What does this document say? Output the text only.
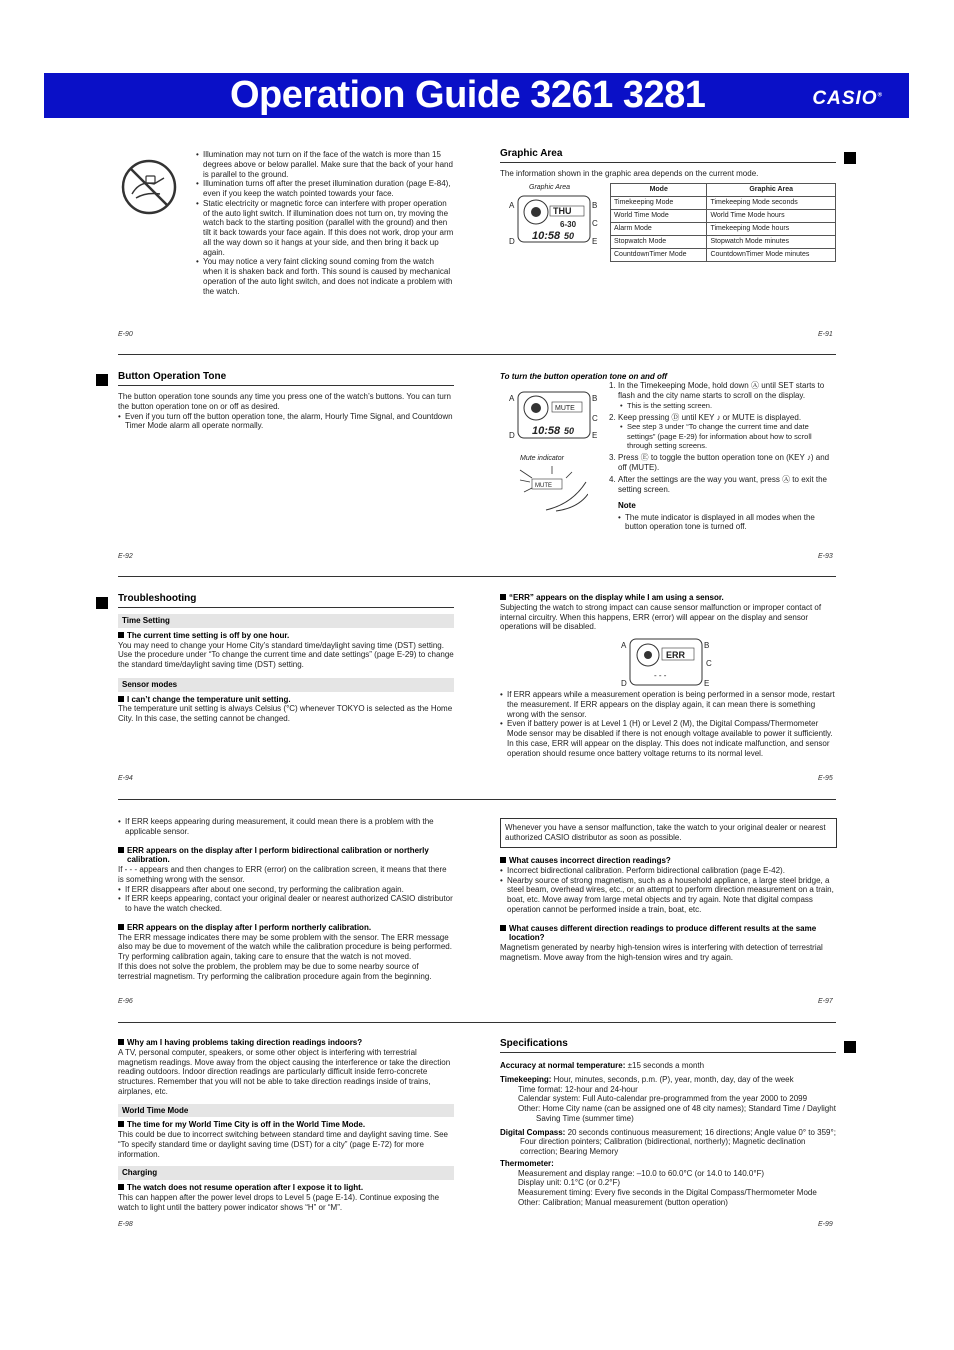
Operation Guide 3261 3281	CASIO®
• Illumination may not turn on if the face of the watch is more than 15 degrees above or below parallel. Make sure that the back of your hand is parallel to the ground.
• Illumination turns off after the preset illumination duration (page E-84), even if you keep the watch pointed towards your face.
• Static electricity or magnetic force can interfere with proper operation of the auto light switch. If illumination does not turn on, try moving the watch back to the starting position (parallel with the ground) and then tilt it back towards your face again. If this does not work, drop your arm all the way down so it hangs at your side, and then bring it back up again.
• You may notice a very faint clicking sound coming from the watch when it is shaken back and forth. This sound is caused by mechanical operation of the auto light switch, and does not indicate a problem with the watch.
E-90
Graphic Area

The information shown in the graphic area depends on the current mode.

Graphic Area
THU
6-30
10:58 50
A
D
B
C
E
Mode	Graphic Area
Timekeeping Mode	Timekeeping Mode seconds
World Time Mode	World Time Mode hours
Alarm Mode	Timekeeping Mode hours
Stopwatch Mode	Stopwatch Mode minutes
CountdownTimer Mode	CountdownTimer Mode minutes
E-91
Button Operation Tone

The button operation tone sounds any time you press one of the watch’s buttons. You can turn the button operation tone on or off as desired.

• Even if you turn off the button operation tone, the alarm, Hourly Time Signal, and Countdown Timer Mode alarm all operate normally.
E-92
To turn the button operation tone on and off
MUTE
10:58 50
A
D
B
C
E
Mute indicator
MUTE
1. In the Timekeeping Mode, hold down Ⓐ until SET starts to flash and the city name starts to scroll on the display.
• This is the setting screen.
2. Keep pressing Ⓓ until KEY ♪ or MUTE is displayed.
• See step 3 under “To change the current time and date settings” (page E-29) for information about how to scroll through setting screens.
3. Press Ⓔ to toggle the button operation tone on (KEY ♪) and off (MUTE).
4. After the settings are the way you want, press Ⓐ to exit the setting screen.
Note
• The mute indicator is displayed in all modes when the button operation tone is turned off.
E-93
Troubleshooting
Time Setting

The current time setting is off by one hour.

You may need to change your Home City’s standard time/daylight saving time (DST) setting. Use the procedure under “To change the current time and date settings” (page E-29) to change the standard time/daylight saving time (DST) setting.

Sensor modes

I can’t change the temperature unit setting.

The temperature unit setting is always Celsius (°C) whenever TOKYO is selected as the Home City. In this case, the setting cannot be changed.

E-94

“ERR” appears on the display while I am using a sensor.

Subjecting the watch to strong impact can cause sensor malfunction or improper contact of internal circuitry. When this happens, ERR (error) will appear on the display and sensor operations will be disabled.

ERR
- - -
A
D
B
C
E
• If ERR appears while a measurement operation is being performed in a sensor mode, restart the measurement. If ERR appears on the display again, it can mean there is something wrong with the sensor.
• Even if battery power is at Level 1 (H) or Level 2 (M), the Digital Compass/Thermometer Mode sensor may be disabled if there is not enough voltage available to power it sufficiently. In this case, ERR will appear on the display. This does not indicate malfunction, and sensor operation should resume once battery voltage returns to its normal level.
E-95
• If ERR keeps appearing during measurement, it could mean there is a problem with the applicable sensor.

ERR appears on the display after I perform bidirectional calibration or northerly calibration.

If - - - appears and then changes to ERR (error) on the calibration screen, it means that there is something wrong with the sensor.

• If ERR disappears after about one second, try performing the calibration again.
• If ERR keeps appearing, contact your original dealer or nearest authorized CASIO distributor to have the watch checked.

ERR appears on the display after I perform northerly calibration.

The ERR message indicates there may be some problem with the sensor. The ERR message also may be due to movement of the watch while the calibration procedure is being performed. Try performing calibration again, taking care to ensure that the watch is not moved.

If this does not solve the problem, the problem may be due to some nearby source of terrestrial magnetism. Try performing the calibration procedure again from the beginning.

E-96
Whenever you have a sensor malfunction, take the watch to your original dealer or nearest authorized CASIO distributor as soon as possible.

What causes incorrect direction readings?

• Incorrect bidirectional calibration. Perform bidirectional calibration (page E-42).
• Nearby source of strong magnetism, such as a household appliance, a large steel bridge, a steel beam, overhead wires, etc., or an attempt to perform direction measurement on a train, boat, etc. Move away from large metal objects and try again. Note that digital compass operation cannot be performed inside a train, boat, etc.

What causes different direction readings to produce different results at the same location?

Magnetism generated by nearby high-tension wires is interfering with detection of terrestrial magnetism. Move away from the high-tension wires and try again.

E-97

Why am I having problems taking direction readings indoors?

A TV, personal computer, speakers, or some other object is interfering with terrestrial magnetism readings. Move away from the object causing the interference or take the direction reading outdoors. Indoor direction readings are particularly difficult inside ferro-concrete structures. Remember that you will not be able to take direction readings inside of trains, airplanes, etc.

World Time Mode

The time for my World Time City is off in the World Time Mode.

This could be due to incorrect switching between standard time and daylight saving time. See “To specify standard time or daylight saving time (DST) for a city” (page E-72) for more information.

Charging

The watch does not resume operation after I expose it to light.

This can happen after the power level drops to Level 5 (page E-14). Continue exposing the watch to light until the battery power indicator shows “H” or “M”.

E-98
Specifications

Accuracy at normal temperature: ±15 seconds a month

Timekeeping: Hour, minutes, seconds, p.m. (P), year, month, day, day of the week

Time format: 12-hour and 24-hour

Calendar system: Full Auto-calendar pre-programmed from the year 2000 to 2099

Other: Home City name (can be assigned one of 48 city names); Standard Time / Daylight Saving Time (summer time)

Digital Compass: 20 seconds continuous measurement; 16 directions; Angle value 0° to 359°; Four direction pointers; Calibration (bidirectional, northerly); Magnetic declination correction; Bearing Memory

Thermometer:

Measurement and display range: –10.0 to 60.0°C (or 14.0 to 140.0°F)

Display unit: 0.1°C (or 0.2°F)

Measurement timing: Every five seconds in the Digital Compass/Thermometer Mode

Other: Calibration; Manual measurement (button operation)

E-99
